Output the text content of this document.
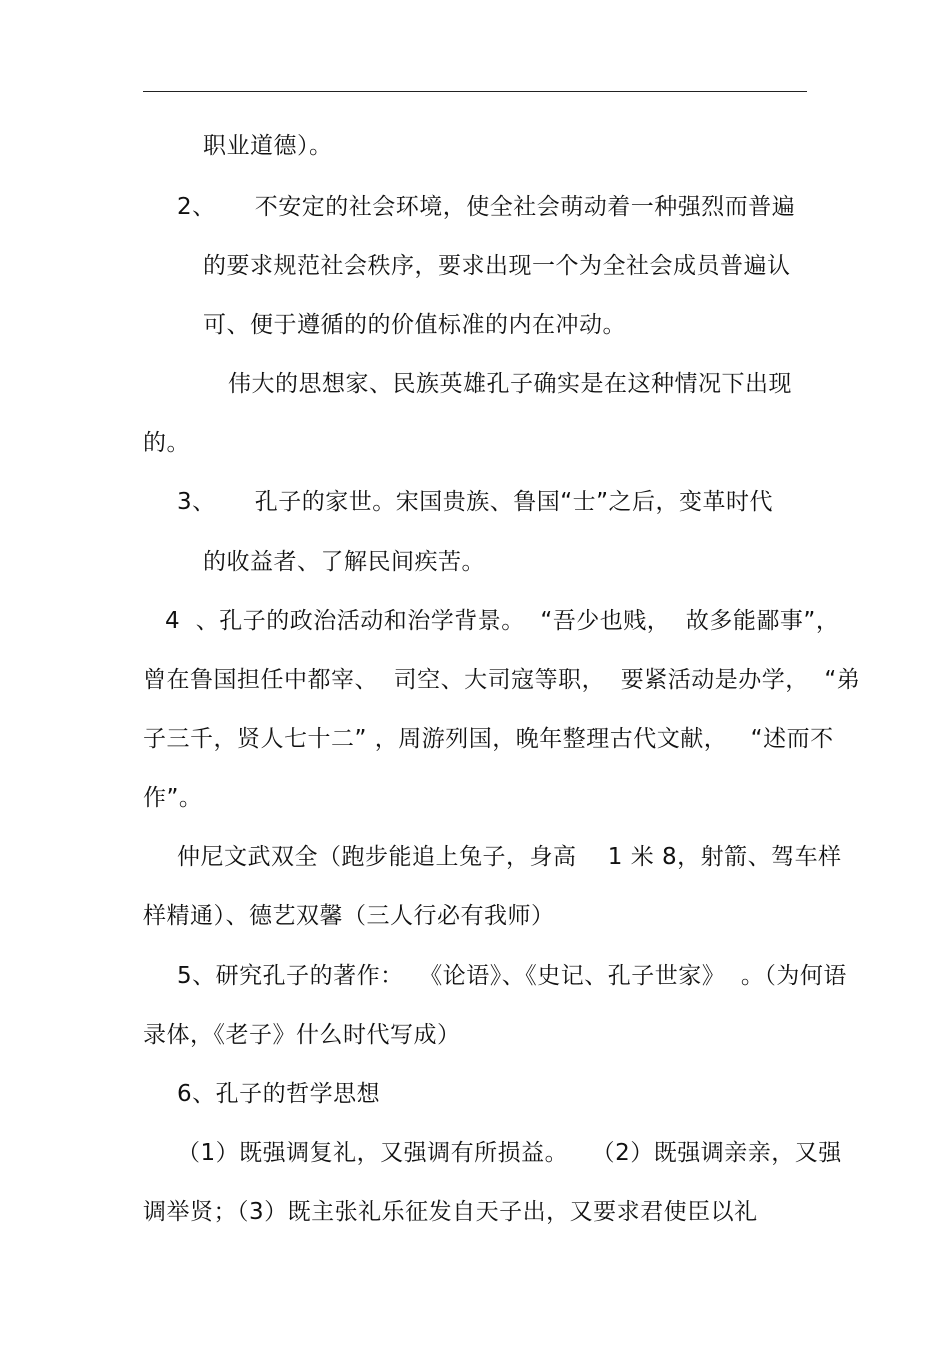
职业道德）。
2、     不安定的社会环境，使全社会萌动着一种强烈而普遍
的要求规范社会秩序，要求出现一个为全社会成员普遍认
可、便于遵循的的价值标准的内在冲动。
伟大的思想家、民族英雄孔子确实是在这种情况下出现
的。
3、     孔子的家世。宋国贵族、鲁国“士”之后，变革时代
的收益者、了解民间疾苦。
4  、孔子的政治活动和治学背景。  “吾少也贱，  故多能鄙事”，
曾在鲁国担任中都宰、  司空、大司寇等职，  要紧活动是办学，  “弟
子三千，贤人七十二” ，周游列国，晚年整理古代文献，   “述而不
作”。
仲尼文武双全（跑步能追上兔子，身高    1 米 8，射箭、驾车样
样精通）、德艺双馨（三人行必有我师）
5、研究孔子的著作：  《论语》、《史记、孔子世家》  。（为何语
录体，《老子》什么时代写成）
6、孔子的哲学思想
（1）既强调复礼，又强调有所损益。   （2）既强调亲亲，又强
调举贤；（3）既主张礼乐征发自天子出，又要求君使臣以礼
